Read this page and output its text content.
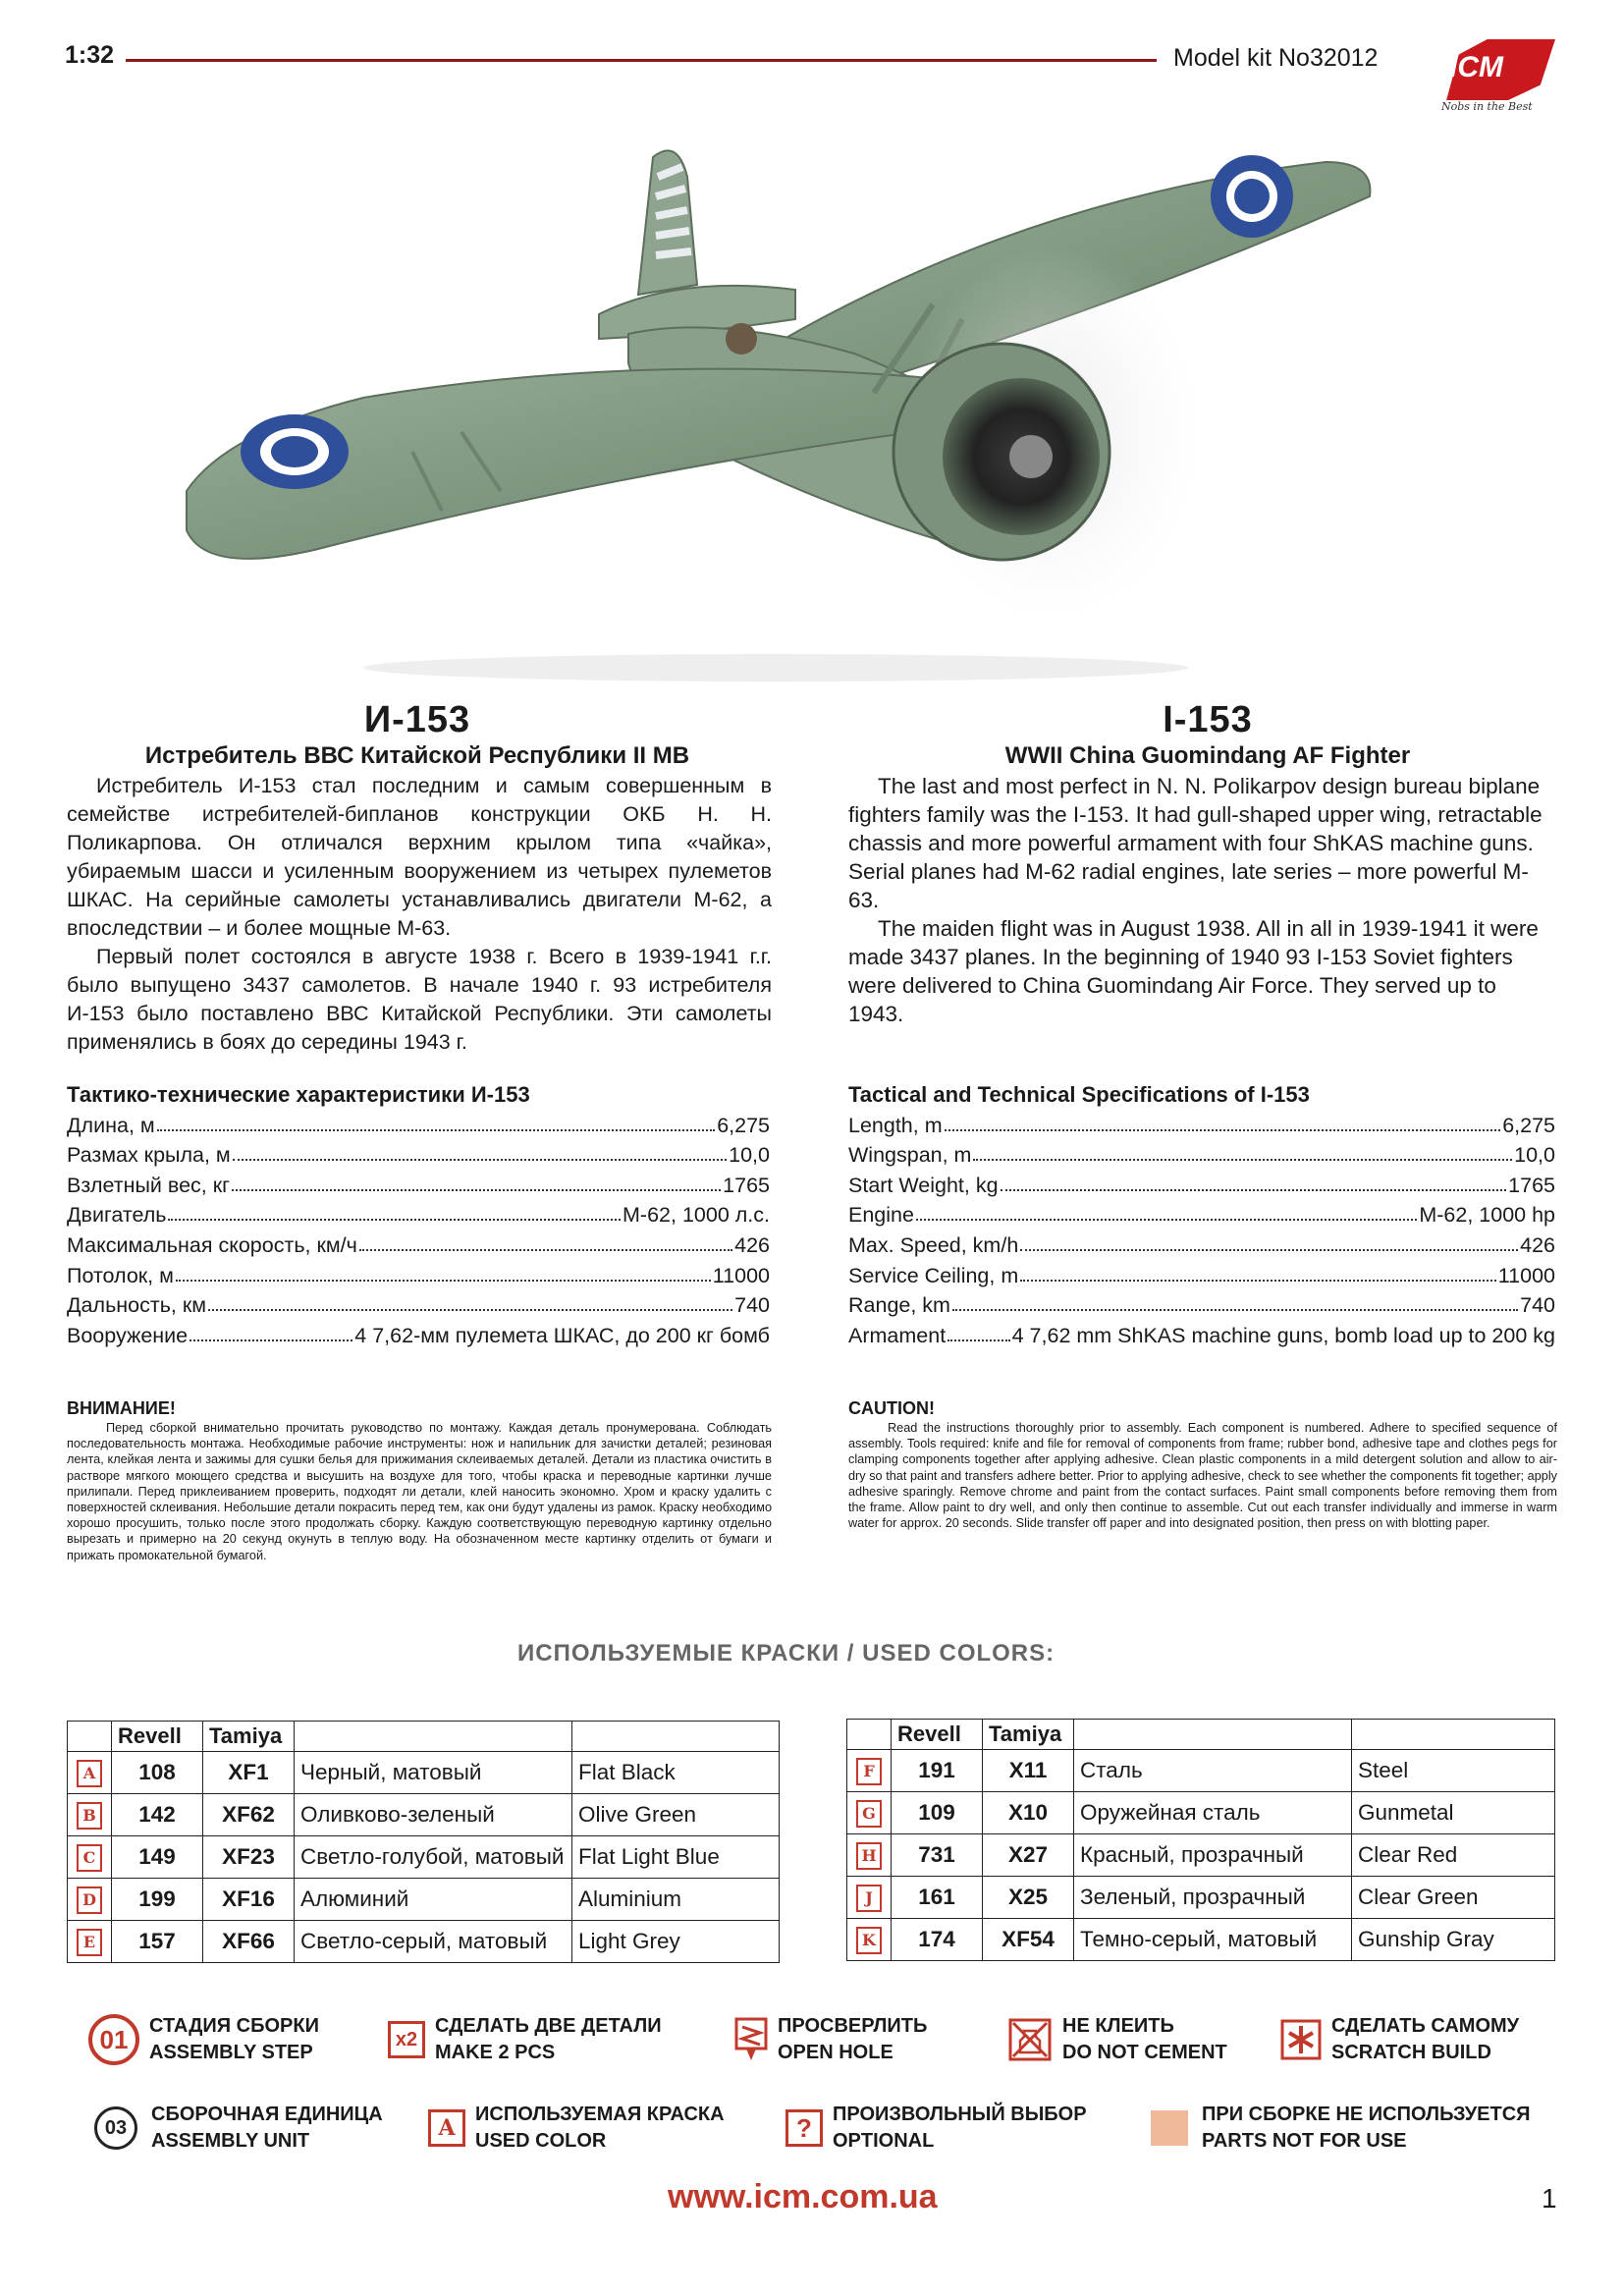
1:32	Model kit No32012 ICM
Nobs in the Best
И-153
Истребитель ВВС Китайской Республики II МВ

Истребитель И-153 стал последним и самым совершенным в семействе истребителей-бипланов конструкции ОКБ Н. Н. Поликарпова. Он отличался верхним крылом типа «чайка», убираемым шасси и усиленным вооружением из четырех пулеметов ШКАС. На серийные самолеты устанавливались двигатели М-62, а впоследствии – и более мощные М-63.

Первый полет состоялся в августе 1938 г. Всего в 1939-1941 г.г. было выпущено 3437 самолетов. В начале 1940 г. 93 истребителя И-153 было поставлено ВВС Китайской Республики. Эти самолеты применялись в боях до середины 1943 г.

Тактико-технические характеристики И-153
Длина, м	6,275
Размах крыла, м	10,0
Взлетный вес, кг	1765
Двигатель	М-62, 1000 л.с.
Максимальная скорость, км/ч	426
Потолок, м	11000
Дальность, км	740
Вооружение	4 7,62-мм пулемета ШКАС, до 200 кг бомб
ВНИМАНИЕ!

Перед сборкой внимательно прочитать руководство по монтажу. Каждая деталь пронумерована. Соблюдать последовательность монтажа. Необходимые рабочие инструменты: нож и напильник для зачистки деталей; резиновая лента, клейкая лента и зажимы для сушки белья для прижимания склеиваемых деталей. Детали из пластика очистить в растворе мягкого моющего средства и высушить на воздухе для того, чтобы краска и переводные картинки лучше прилипали. Перед приклеиванием проверить, подходят ли детали, клей наносить экономно. Хром и краску удалить с поверхностей склеивания. Небольшие детали покрасить перед тем, как они будут удалены из рамок. Краску необходимо хорошо просушить, только после этого продолжать сборку. Каждую соответствующую переводную картинку отдельно вырезать и примерно на 20 секунд окунуть в теплую воду. На обозначенном месте картинку отделить от бумаги и прижать промокательной бумагой.

I-153
WWII China Guomindang AF Fighter

The last and most perfect in N. N. Polikarpov design bureau biplane fighters family was the I-153. It had gull-shaped upper wing, retractable chassis and more powerful armament with four ShKAS machine guns. Serial planes had M-62 radial engines, late series – more powerful M-63.

The maiden flight was in August 1938. All in all in 1939-1941 it were made 3437 planes. In the beginning of 1940 93 I-153 Soviet fighters were delivered to China Guomindang Air Force. They served up to 1943.

Tactical and Technical Specifications of I-153
Length, m	6,275
Wingspan, m	10,0
Start Weight, kg	1765
Engine	M-62, 1000 hp
Max. Speed, km/h	426
Service Ceiling, m	11000
Range, km	740
Armament	4 7,62 mm ShKAS machine guns, bomb load up to 200 kg
CAUTION!

Read the instructions thoroughly prior to assembly. Each component is numbered. Adhere to specified sequence of assembly. Tools required: knife and file for removal of components from frame; rubber bond, adhesive tape and clothes pegs for clamping components together after applying adhesive. Clean plastic components in a mild detergent solution and allow to air-dry so that paint and transfers adhere better. Prior to applying adhesive, check to see whether the components fit together; apply adhesive sparingly. Remove chrome and paint from the contact surfaces. Paint small components before removing them from the frame. Allow paint to dry well, and only then continue to assemble. Cut out each transfer individually and immerse in warm water for approx. 20 seconds. Slide transfer off paper and into designated position, then press on with blotting paper.

ИСПОЛЬЗУЕМЫЕ КРАСКИ / USED COLORS:
	Revell	Tamiya		
A	108	XF1	Черный, матовый	Flat Black
B	142	XF62	Оливково-зеленый	Olive Green
C	149	XF23	Светло-голубой, матовый	Flat Light Blue
D	199	XF16	Алюминий	Aluminium
E	157	XF66	Светло-серый, матовый	Light Grey
	Revell	Tamiya		
F	191	X11	Сталь	Steel
G	109	X10	Оружейная сталь	Gunmetal
H	731	X27	Красный, прозрачный	Clear Red
J	161	X25	Зеленый, прозрачный	Clear Green
K	174	XF54	Темно-серый, матовый	Gunship Gray
01	СТАДИЯ СБОРКИ
ASSEMBLY STEP
x2
СДЕЛАТЬ ДВЕ ДЕТАЛИ
MAKE 2 PCS
ПРОСВЕРЛИТЬ
OPEN HOLE
НЕ КЛЕИТЬ
DO NOT CEMENT
СДЕЛАТЬ САМОМУ
SCRATCH BUILD
03
СБОРОЧНАЯ ЕДИНИЦА
ASSEMBLY UNIT	A
ИСПОЛЬЗУЕМАЯ КРАСКА
USED COLOR	?	ПРОИЗВОЛЬНЫЙ ВЫБОР
OPTIONAL
ПРИ СБОРКЕ НЕ ИСПОЛЬЗУЕТСЯ
PARTS NOT FOR USE
www.icm.com.ua	1
